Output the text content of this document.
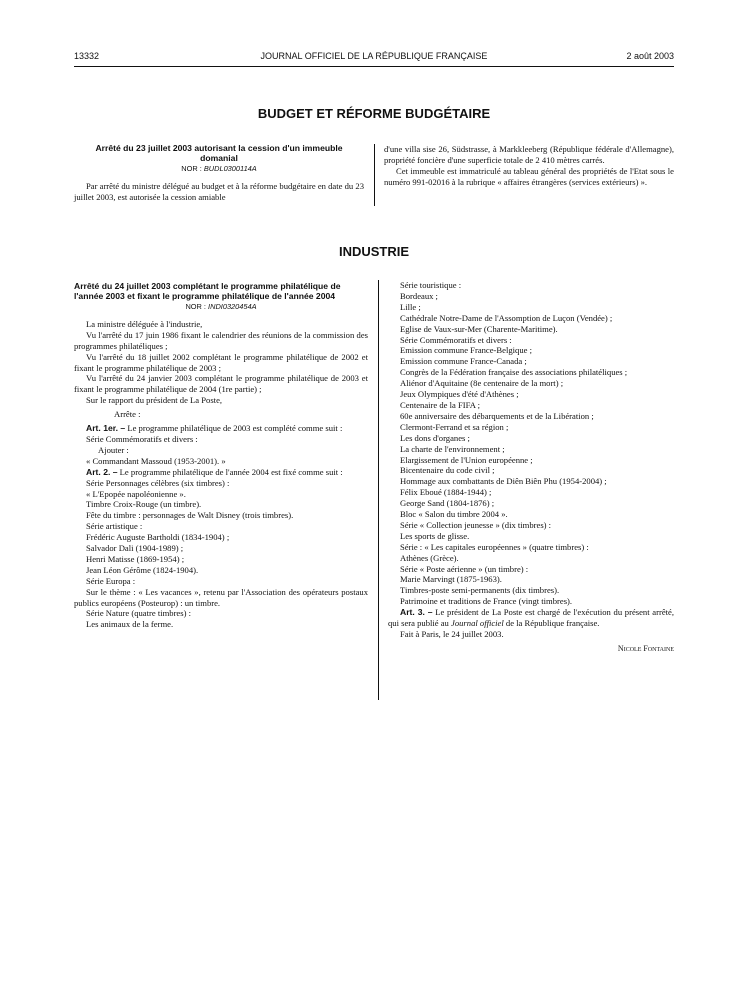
13332	JOURNAL OFFICIEL DE LA RÉPUBLIQUE FRANÇAISE	2 août 2003
BUDGET ET RÉFORME BUDGÉTAIRE
Arrêté du 23 juillet 2003 autorisant la cession d'un immeuble domanial
NOR : BUDL0300114A

Par arrêté du ministre délégué au budget et à la réforme budgétaire en date du 23 juillet 2003, est autorisée la cession amiable

d'une villa sise 26, Südstrasse, à Markkleeberg (République fédérale d'Allemagne), propriété foncière d'une superficie totale de 2 410 mètres carrés.

Cet immeuble est immatriculé au tableau général des propriétés de l'Etat sous le numéro 991-02016 à la rubrique « affaires étrangères (services extérieurs) ».

INDUSTRIE
Arrêté du 24 juillet 2003 complétant le programme philatélique de l'année 2003 et fixant le programme philatélique de l'année 2004
NOR : INDI0320454A

La ministre déléguée à l'industrie,

Vu l'arrêté du 17 juin 1986 fixant le calendrier des réunions de la commission des programmes philatéliques ;

Vu l'arrêté du 18 juillet 2002 complétant le programme philatélique de 2002 et fixant le programme philatélique de 2003 ;

Vu l'arrêté du 24 janvier 2003 complétant le programme philatélique de 2003 et fixant le programme philatélique de 2004 (1re partie) ;

Sur le rapport du président de La Poste,

Arrête :

Art. 1er. – Le programme philatélique de 2003 est complété comme suit :

Série Commémoratifs et divers :

Ajouter :

« Commandant Massoud (1953-2001). »

Art. 2. – Le programme philatélique de l'année 2004 est fixé comme suit :

Série Personnages célèbres (six timbres) :

« L'Epopée napoléonienne ».

Timbre Croix-Rouge (un timbre).

Fête du timbre : personnages de Walt Disney (trois timbres).

Série artistique :

Frédéric Auguste Bartholdi (1834-1904) ;

Salvador Dali (1904-1989) ;

Henri Matisse (1869-1954) ;

Jean Léon Gérôme (1824-1904).

Série Europa :

Sur le thème : « Les vacances », retenu par l'Association des opérateurs postaux publics européens (Posteurop) : un timbre.

Série Nature (quatre timbres) :

Les animaux de la ferme.

Série touristique :

Bordeaux ;

Lille ;

Cathédrale Notre-Dame de l'Assomption de Luçon (Vendée) ;

Eglise de Vaux-sur-Mer (Charente-Maritime).

Série Commémoratifs et divers :

Emission commune France-Belgique ;

Emission commune France-Canada ;

Congrès de la Fédération française des associations philatéliques ;

Aliénor d'Aquitaine (8e centenaire de la mort) ;

Jeux Olympiques d'été d'Athènes ;

Centenaire de la FIFA ;

60e anniversaire des débarquements et de la Libération ;

Clermont-Ferrand et sa région ;

Les dons d'organes ;

La charte de l'environnement ;

Elargissement de l'Union européenne ;

Bicentenaire du code civil ;

Hommage aux combattants de Diên Biên Phu (1954-2004) ;

Félix Eboué (1884-1944) ;

George Sand (1804-1876) ;

Bloc « Salon du timbre 2004 ».

Série « Collection jeunesse » (dix timbres) :

Les sports de glisse.

Série : « Les capitales européennes » (quatre timbres) :

Athènes (Grèce).

Série « Poste aérienne » (un timbre) :

Marie Marvingt (1875-1963).

Timbres-poste semi-permanents (dix timbres).

Patrimoine et traditions de France (vingt timbres).

Art. 3. – Le président de La Poste est chargé de l'exécution du présent arrêté, qui sera publié au Journal officiel de la République française.

Fait à Paris, le 24 juillet 2003.

Nicole Fontaine
